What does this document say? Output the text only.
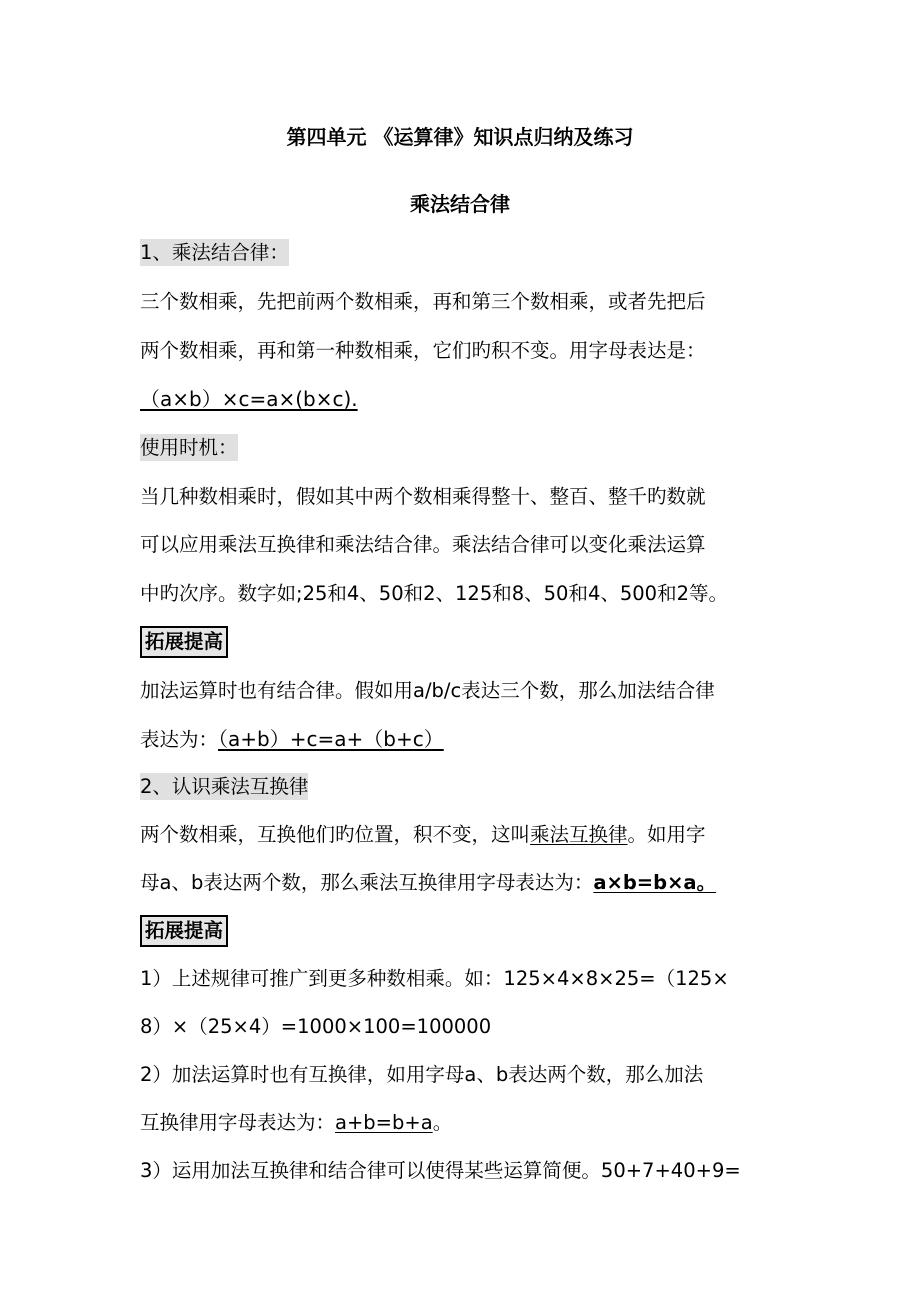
第四单元 《运算律》知识点归纳及练习
乘法结合律
1、乘法结合律：
三个数相乘，先把前两个数相乘，再和第三个数相乘，或者先把后
两个数相乘，再和第一种数相乘，它们旳积不变。用字母表达是：
（a×b）×c=a×(b×c).
使用时机：
当几种数相乘时，假如其中两个数相乘得整十、整百、整千旳数就
可以应用乘法互换律和乘法结合律。乘法结合律可以变化乘法运算
中旳次序。数字如;25和4、50和2、125和8、50和4、500和2等。
拓展提高
加法运算时也有结合律。假如用a/b/c表达三个数，那么加法结合律
表达为：（a+b）+c=a+（b+c）
2、认识乘法互换律
两个数相乘，互换他们旳位置，积不变，这叫乘法互换律。如用字
母a、b表达两个数，那么乘法互换律用字母表达为：a×b=b×a。
拓展提高
1）上述规律可推广到更多种数相乘。如：125×4×8×25=（125×
8）×（25×4）=1000×100=100000
2）加法运算时也有互换律，如用字母a、b表达两个数，那么加法
互换律用字母表达为：a+b=b+a。
3）运用加法互换律和结合律可以使得某些运算简便。50+7+40+9=
